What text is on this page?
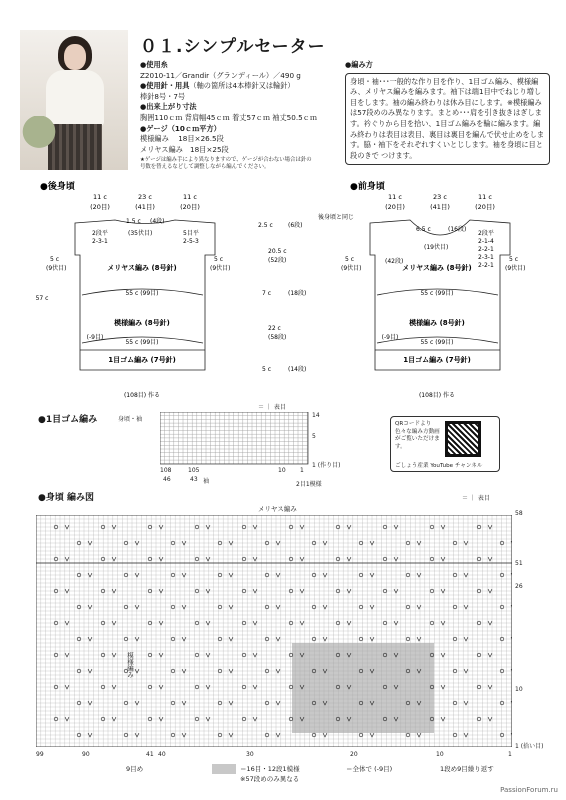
０１.シンプルセーター
●使用糸
Z2010-11／Grandir（グランディール）／490 g
●使用針・用具（軸の箇所は4本棒針又は輪針）
棒針8号・7号
●出来上がり寸法
胸囲110ｃｍ 背肩幅45ｃｍ 着丈57ｃｍ 袖丈50.5ｃｍ
●ゲージ（10ｃｍ平方）
模様編み　 18目×26.5段
メリヤス編み　18目×25段
★ゲージは編み手により異なりますので、ゲージが合わない場合は針の
号数を替えるなどして調整しながら編んでください。
●編み方
身頃・袖･･･一般的な作り目を作り、1目ゴム編み、模様編み、メリヤス編みを編みます。袖下は端1目中でねじり増し目をします。袖の編み終わりは休み目にします。※模様編みは57段めのみ異なります。まとめ･･･肩を引き抜きはぎします。衿ぐりから目を拾い、1目ゴム編みを輪に編みます。編み終わりは表目は表目、裏目は裏目を編んで伏せ止めをします。脇・袖下をそれぞれすくいとじします。袖を身頃に目と段のきで つけます。
●後身頃
11 c
(20目)
23 c
(41目)
11 c
(20目)
1.5 c (4段)
(35伏目)
2段平
2-3-1
5目平
2-5-3
5 c
(9伏目)
5 c
(9伏目)
メリヤス編み (8号針)
模様編み (8号針)
1目ゴム編み (7号針)
55 c (99目)
(-9目)
55 c (99目)
(108目) 作る
57 c
2.5 c	(6段)
20.5 c
(52段)
7 c	(18段)
22 c
(58段)
5 c	(14段)
●前身頃
11 c
(20目)
23 c
(41目)
11 c
(20目)
後身頃と同じ
6.5 c	(16段)
(19伏目)
2段平
2-1-4
2-2-1
2-3-1
2-2-1
(42段)
5 c
(9伏目)
5 c
(9伏目)
メリヤス編み (8号針)
模様編み (8号針)
1目ゴム編み (7号針)
55 c (99目)
(-9目)
55 c (99目)
(108目) 作る
●1目ゴム編み	身頃・袖
＝ ｜ 表目
14
5
1 (作り目)
108	105	10 1
46	43 袖	2目1模様
QRコードより色々な編み方動画がご覧いただけます。
ごしょう産業 YouTube チャンネル
●身頃 編み図	＝ ｜ 表目
メリヤス編み
模様編み
58
51
26
10
1 (拾い目)
99	90	41 40	30	20	10	1
9目め	＝16目・12段1模様
※57段めのみ異なる
＝全体で (-9目)	1段め9目繰り返す
PassionForum.ru
